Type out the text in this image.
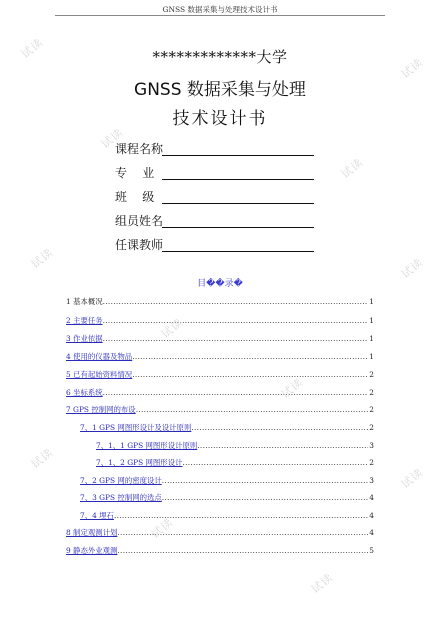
GNSS 数据采集与处理技术设计书
*************大学
GNSS 数据采集与处理
技术设计书
课程名称
专    业
班    级
组员姓名
任课教师
目��录�
1 基本概况 .....	1
2 主要任务 .....	1
3 作业依据 .....	1
4 使用的仪器及物品 .....	1
5 已有起始资料情况 .....	2
6 坐标系统 .....	2
7 GPS 控制网的布设 .....	2
7、1 GPS 网图形设计及设计原则 .....	2
7、1、1 GPS 网图形设计原则 .....	3
7、1、2 GPS 网图形设计 .....	2
7、2 GPS 网的密度设计 .....	3
7、3 GPS 控制网的选点 .....	4
7、4 埋石 .....	4
8 制定观测计划 .....	4
9 静态外业观测 .....	5
试读
试读
试读
试读
试读	试读
试读
试读
试读
试读
试读
试读
